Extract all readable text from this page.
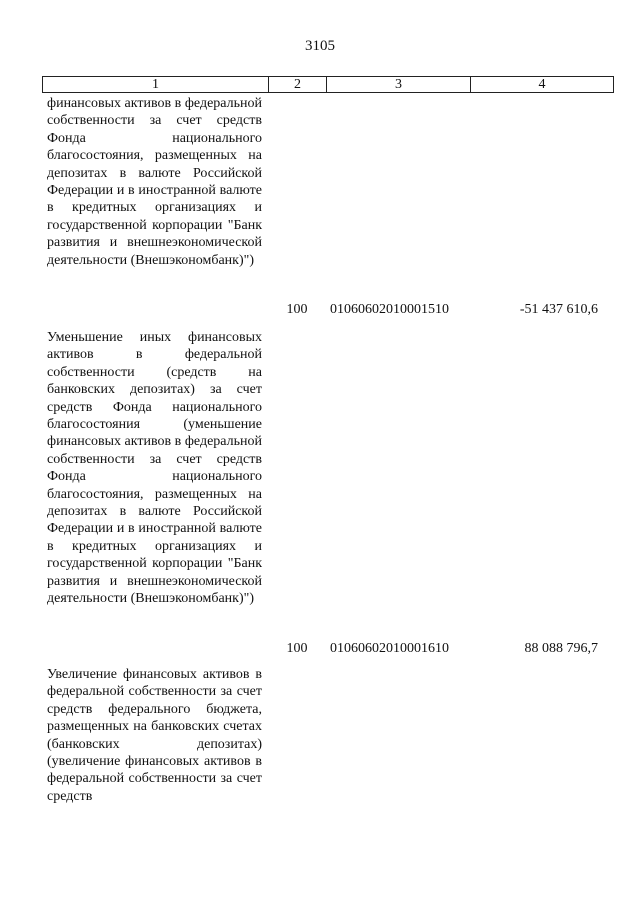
3105
1	2	3	4
финансовых активов в федеральной собственности за счет средств Фонда национального благосостояния, размещенных на депозитах в валюте Российской Федерации и в иностранной валюте в кредитных организациях и государственной корпорации "Банк развития и внешнеэкономической деятельности (Внешэкономбанк)")
100	01060602010001510	-51 437 610,6
Уменьшение иных финансовых активов в федеральной собственности (средств на банковских депозитах) за счет средств Фонда национального благосостояния (уменьшение финансовых активов в федеральной собственности за счет средств Фонда национального благосостояния, размещенных на депозитах в валюте Российской Федерации и в иностранной валюте в кредитных организациях и государственной корпорации "Банк развития и внешнеэкономической деятельности (Внешэкономбанк)")
100	01060602010001610	88 088 796,7
Увеличение финансовых активов в федеральной собственности за счет средств федерального бюджета, размещенных на банковских счетах (банковских депозитах) (увеличение финансовых активов в федеральной собственности за счет средств
